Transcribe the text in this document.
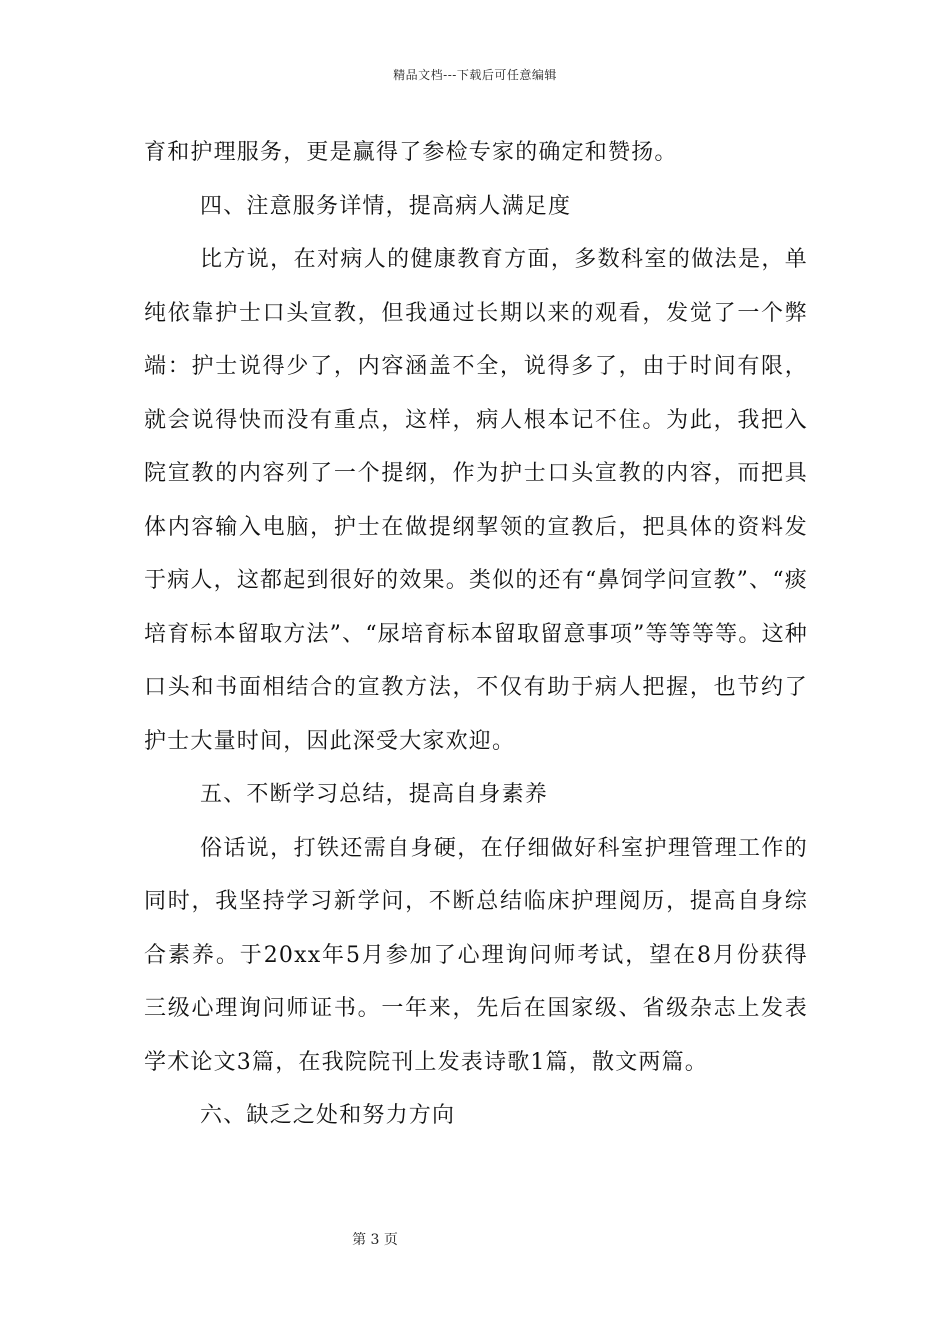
精品文档---下载后可任意编辑

育和护理服务，更是赢得了参检专家的确定和赞扬。

四、注意服务详情，提高病人满足度

比方说，在对病人的健康教育方面，多数科室的做法是，单纯依靠护士口头宣教，但我通过长期以来的观看，发觉了一个弊端：护士说得少了，内容涵盖不全，说得多了，由于时间有限，就会说得快而没有重点，这样，病人根本记不住。为此，我把入院宣教的内容列了一个提纲，作为护士口头宣教的内容，而把具体内容输入电脑，护士在做提纲挈领的宣教后，把具体的资料发于病人，这都起到很好的效果。类似的还有“鼻饲学问宣教”、“痰培育标本留取方法”、“尿培育标本留取留意事项”等等等等。这种口头和书面相结合的宣教方法，不仅有助于病人把握，也节约了护士大量时间，因此深受大家欢迎。

五、不断学习总结，提高自身素养

俗话说，打铁还需自身硬，在仔细做好科室护理管理工作的同时，我坚持学习新学问，不断总结临床护理阅历，提高自身综合素养。于20xx年5月参加了心理询问师考试，望在8月份获得三级心理询问师证书。一年来，先后在国家级、省级杂志上发表学术论文3篇，在我院院刊上发表诗歌1篇，散文两篇。

六、缺乏之处和努力方向

第 3 页
